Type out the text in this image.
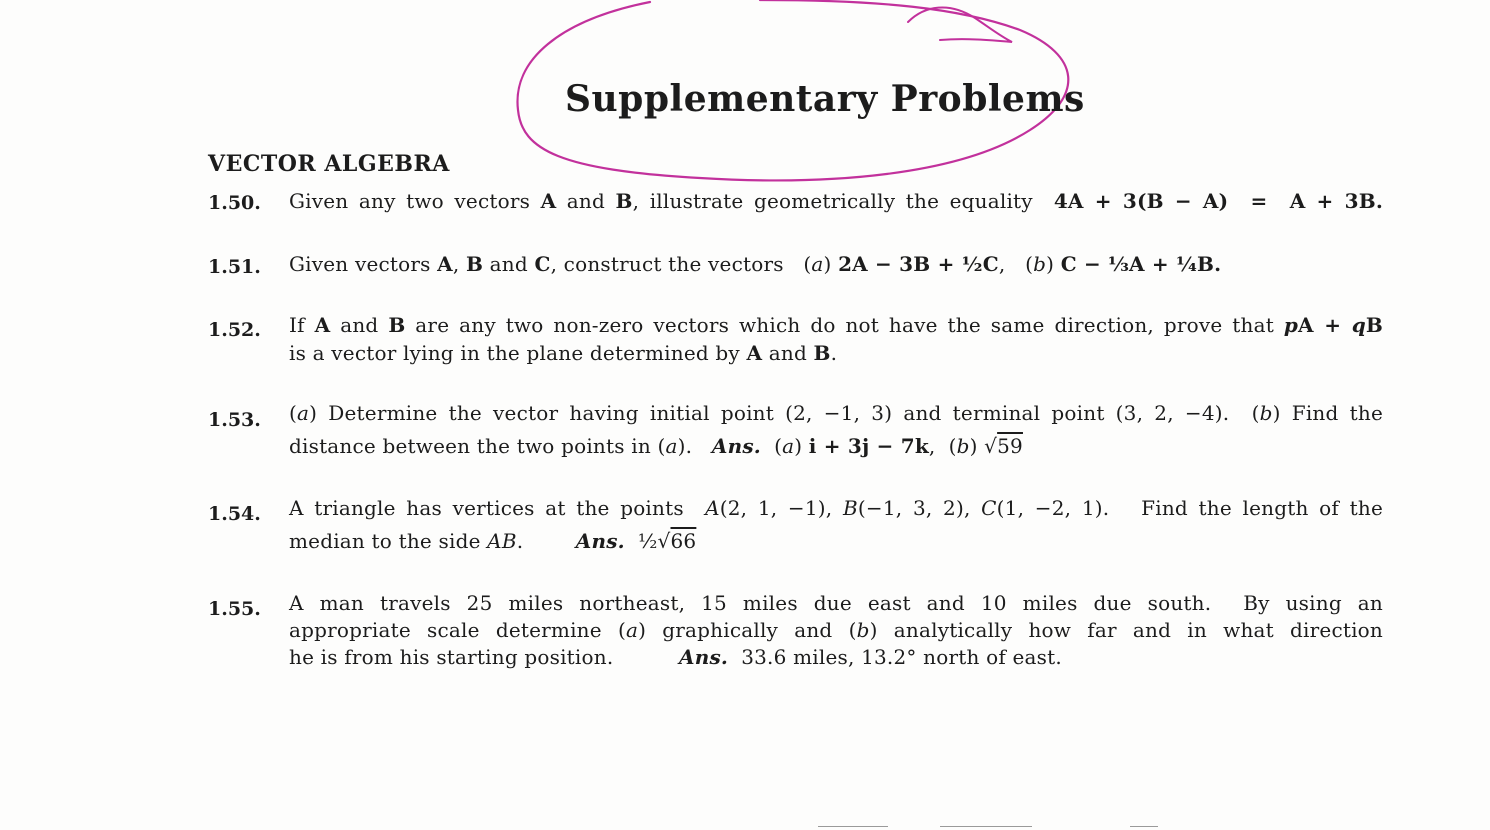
Supplementary Problems
VECTOR ALGEBRA
1.50. Given any two vectors A and B, illustrate geometrically the equality  4A + 3(B − A)  =  A + 3B.
1.51. Given vectors A, B and C, construct the vectors   (a) 2A − 3B + ½C,   (b) C − ⅓A + ¼B.
1.52. If A and B are any two non-zero vectors which do not have the same direction, prove that pA + qB
is a vector lying in the plane determined by A and B.
1.53. (a) Determine the vector having initial point (2, −1, 3) and terminal point (3, 2, −4).  (b) Find the
distance between the two points in (a). Ans. (a) i + 3j − 7k,  (b) √59
1.54. A triangle has vertices at the points  A(2, 1, −1), B(−1, 3, 2), C(1, −2, 1).   Find the length of the
median to the side AB.	Ans. ½√66
1.55. A man travels 25 miles northeast, 15 miles due east and 10 miles due south.  By using an
appropriate scale determine (a) graphically and (b) analytically how far and in what direction
he is from his starting position.	Ans. 33.6 miles, 13.2° north of east.
